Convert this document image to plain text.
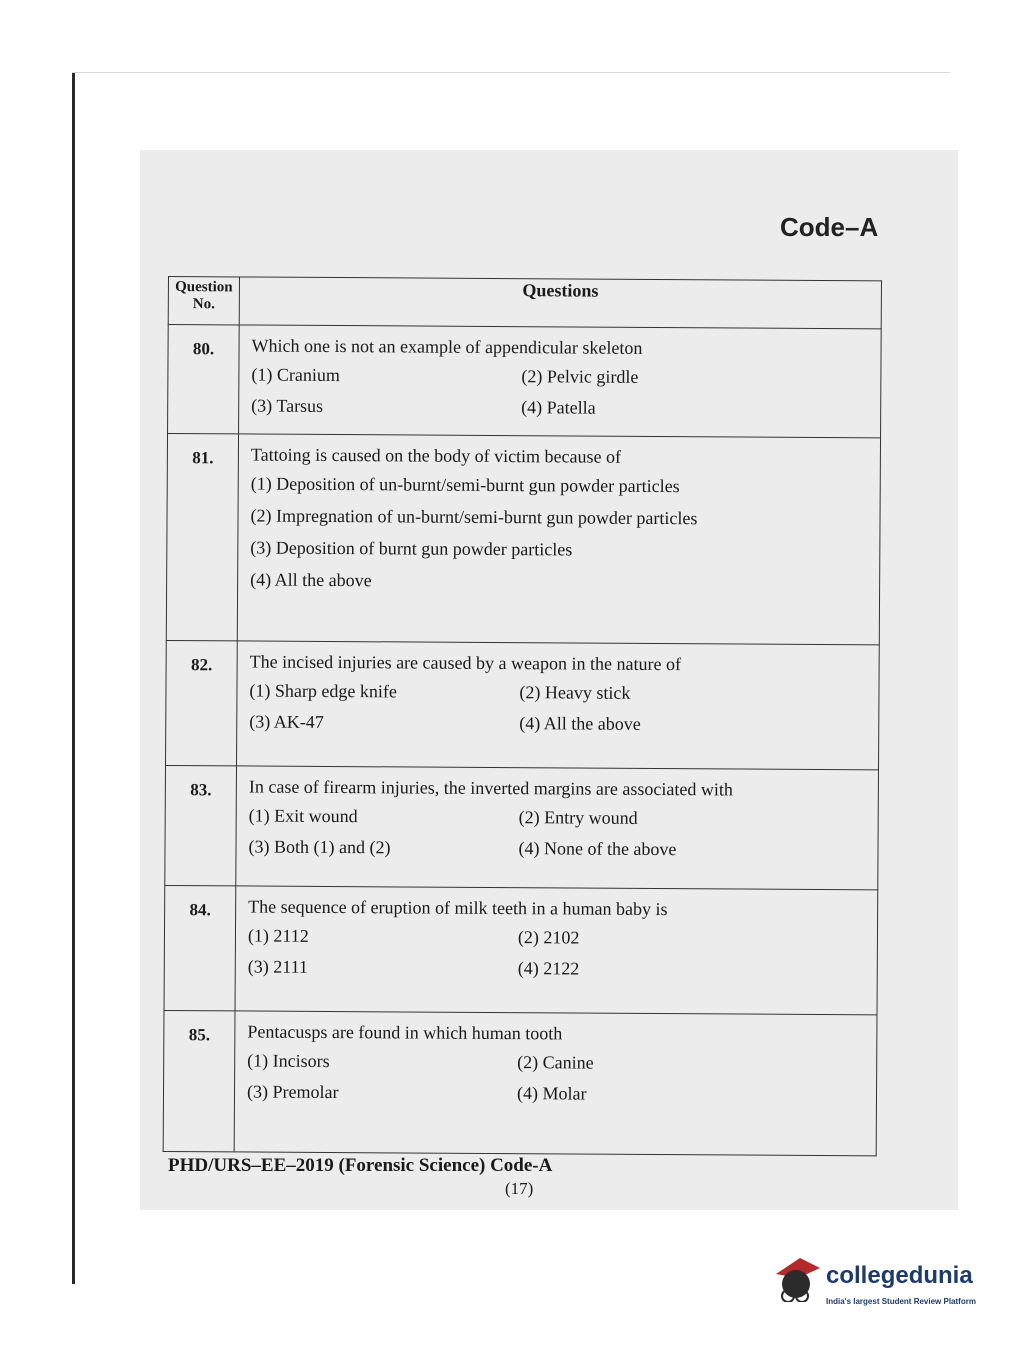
Code–A
Question No.	Questions
80.	Which one is not an example of appendicular skeleton
(1) Cranium (2) Pelvic girdle
(3) Tarsus (4) Patella

81.	Tattoing is caused on the body of victim because of
(1) Deposition of un-burnt/semi-burnt gun powder particles
(2) Impregnation of un-burnt/semi-burnt gun powder particles
(3) Deposition of burnt gun powder particles
(4) All the above

82.	The incised injuries are caused by a weapon in the nature of
(1) Sharp edge knife (2) Heavy stick
(3) AK-47 (4) All the above

83.	In case of firearm injuries, the inverted margins are associated with
(1) Exit wound (2) Entry wound
(3) Both (1) and (2) (4) None of the above

84.	The sequence of eruption of milk teeth in a human baby is
(1) 2112 (2) 2102
(3) 2111 (4) 2122

85.	Pentacusps are found in which human tooth
(1) Incisors (2) Canine
(3) Premolar (4) Molar
PHD/URS–EE–2019 (Forensic Science) Code-A
(17)
collegedunia
India's largest Student Review Platform
